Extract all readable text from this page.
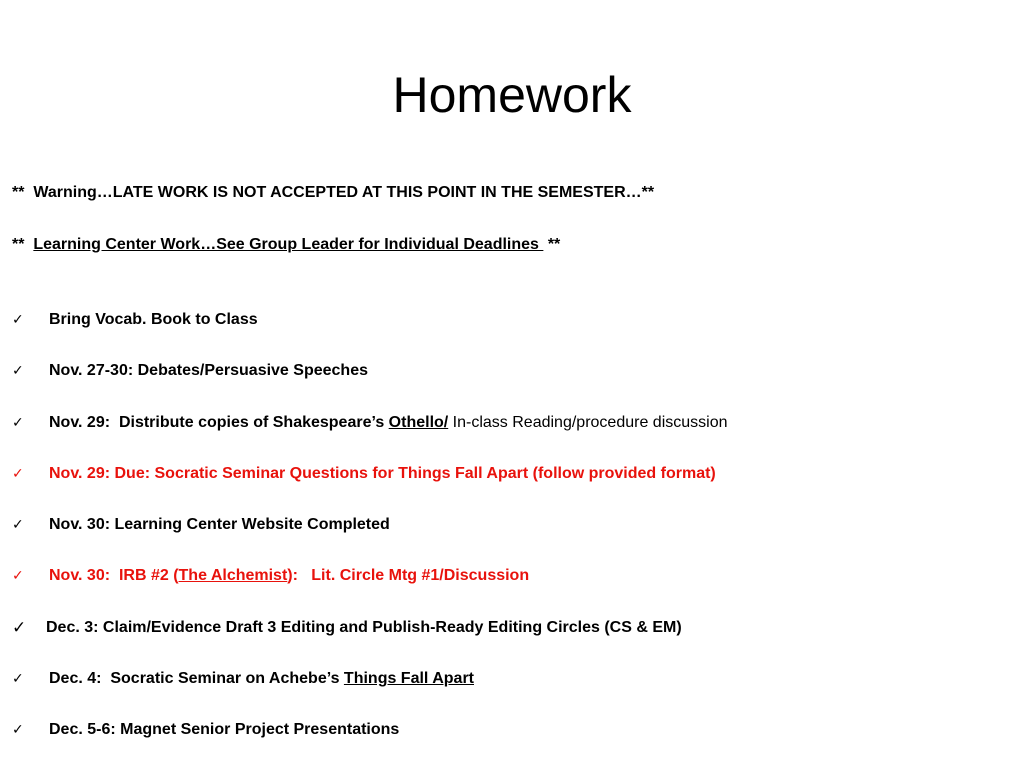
Homework
**  Warning…LATE WORK IS NOT ACCEPTED AT THIS POINT IN THE SEMESTER…**
**  Learning Center Work…See Group Leader for Individual Deadlines  **
✓	Bring Vocab. Book to Class
✓	Nov. 27-30: Debates/Persuasive Speeches
✓	Nov. 29:  Distribute copies of Shakespeare’s Othello/ In-class Reading/procedure discussion
✓	Nov. 29: Due: Socratic Seminar Questions for Things Fall Apart (follow provided format)
✓	Nov. 30: Learning Center Website Completed
✓	Nov. 30:  IRB #2 (The Alchemist):   Lit. Circle Mtg #1/Discussion
✓	Dec. 3: Claim/Evidence Draft 3 Editing and Publish-Ready Editing Circles (CS & EM)
✓	Dec. 4:  Socratic Seminar on Achebe’s Things Fall Apart
✓	Dec. 5-6: Magnet Senior Project Presentations
